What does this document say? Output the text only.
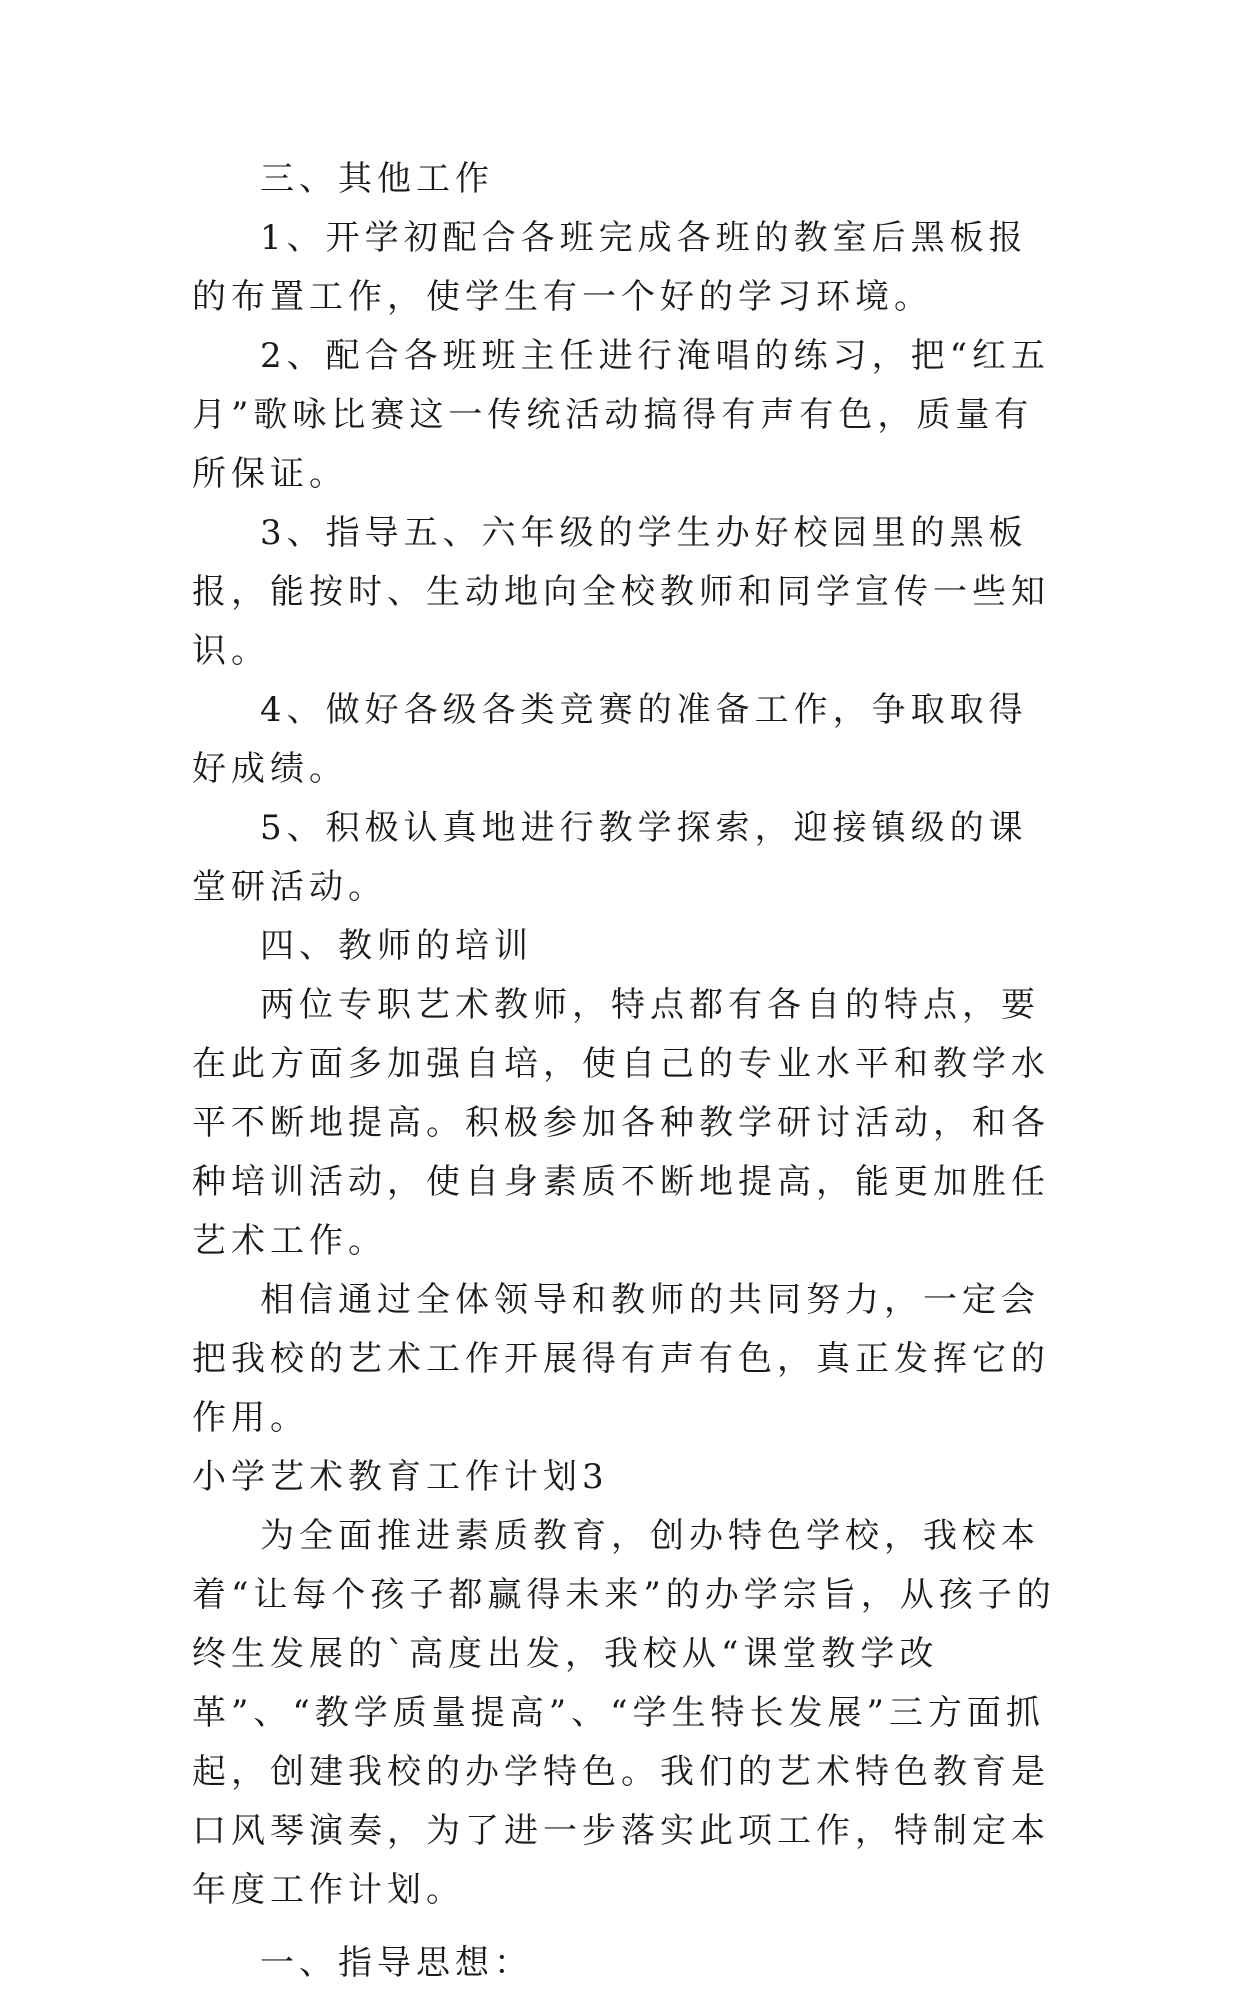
三、其他工作

1、开学初配合各班完成各班的教室后黑板报的布置工作，使学生有一个好的学习环境。

2、配合各班班主任进行淹唱的练习，把“红五月”歌咏比赛这一传统活动搞得有声有色，质量有所保证。

3、指导五、六年级的学生办好校园里的黑板报，能按时、生动地向全校教师和同学宣传一些知识。

4、做好各级各类竞赛的准备工作，争取取得好成绩。

5、积极认真地进行教学探索，迎接镇级的课堂研活动。

四、教师的培训

两位专职艺术教师，特点都有各自的特点，要在此方面多加强自培，使自己的专业水平和教学水平不断地提高。积极参加各种教学研讨活动，和各种培训活动，使自身素质不断地提高，能更加胜任艺术工作。

相信通过全体领导和教师的共同努力，一定会把我校的艺术工作开展得有声有色，真正发挥它的作用。

小学艺术教育工作计划3

为全面推进素质教育，创办特色学校，我校本着“让每个孩子都赢得未来”的办学宗旨，从孩子的终生发展的`高度出发，我校从“课堂教学改革”、“教学质量提高”、“学生特长发展”三方面抓起，创建我校的办学特色。我们的艺术特色教育是口风琴演奏，为了进一步落实此项工作，特制定本年度工作计划。

一、指导思想：
